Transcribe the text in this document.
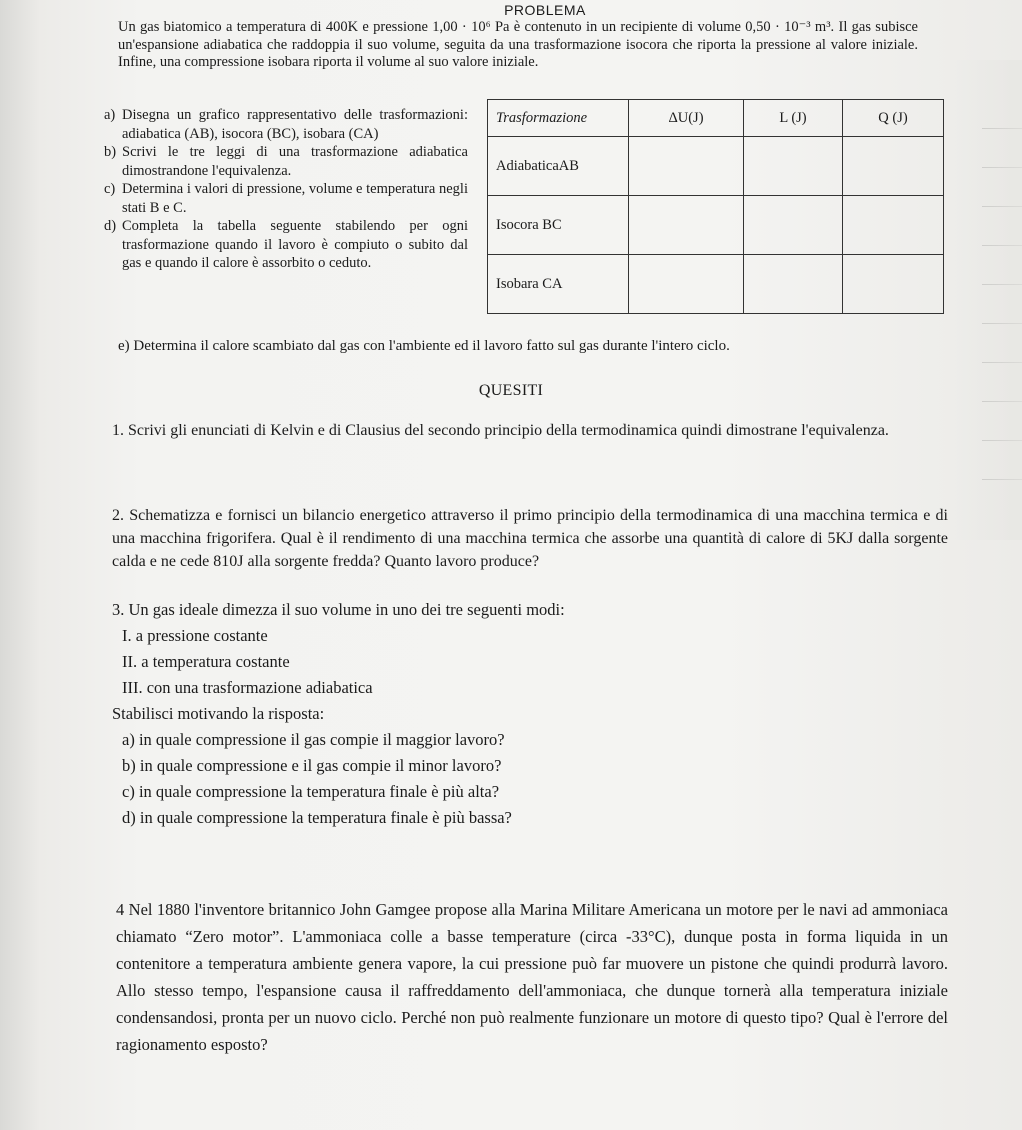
PROBLEMA
Un gas biatomico a temperatura di 400K e pressione 1,00 · 10⁶ Pa è contenuto in un recipiente di volume 0,50 · 10⁻³ m³. Il gas subisce un'espansione adiabatica che raddoppia il suo volume, seguita da una trasformazione isocora che riporta la pressione al valore iniziale. Infine, una compressione isobara riporta il volume al suo valore iniziale.
a) Disegna un grafico rappresentativo delle trasformazioni: adiabatica (AB), isocora (BC), isobara (CA)
b) Scrivi le tre leggi di una trasformazione adiabatica dimostrandone l'equivalenza.
c) Determina i valori di pressione, volume e temperatura negli stati B e C.
d) Completa la tabella seguente stabilendo per ogni trasformazione quando il lavoro è compiuto o subito dal gas e quando il calore è assorbito o ceduto.
Trasformazione	ΔU(J)	L (J)	Q (J)
AdiabaticaAB			
Isocora BC			
Isobara CA			
e) Determina il calore scambiato dal gas con l'ambiente ed il lavoro fatto sul gas durante l'intero ciclo.
QUESITI
1. Scrivi gli enunciati di Kelvin e di Clausius del secondo principio della termodinamica quindi dimostrane l'equivalenza.
2. Schematizza e fornisci un bilancio energetico attraverso il primo principio della termodinamica di una macchina termica e di una macchina frigorifera. Qual è il rendimento di una macchina termica che assorbe una quantità di calore di 5KJ dalla sorgente calda e ne cede 810J alla sorgente fredda? Quanto lavoro produce?
3. Un gas ideale dimezza il suo volume in uno dei tre seguenti modi:
I. a pressione costante
II. a temperatura costante
III. con una trasformazione adiabatica
Stabilisci motivando la risposta:
a) in quale compressione il gas compie il maggior lavoro?
b) in quale compressione e il gas compie il minor lavoro?
c) in quale compressione la temperatura finale è più alta?
d) in quale compressione la temperatura finale è più bassa?
4 Nel 1880 l'inventore britannico John Gamgee propose alla Marina Militare Americana un motore per le navi ad ammoniaca chiamato “Zero motor”. L'ammoniaca colle a basse temperature (circa -33°C), dunque posta in forma liquida in un contenitore a temperatura ambiente genera vapore, la cui pressione può far muovere un pistone che quindi produrrà lavoro. Allo stesso tempo, l'espansione causa il raffreddamento dell'ammoniaca, che dunque tornerà alla temperatura iniziale condensandosi, pronta per un nuovo ciclo. Perché non può realmente funzionare un motore di questo tipo? Qual è l'errore del ragionamento esposto?
